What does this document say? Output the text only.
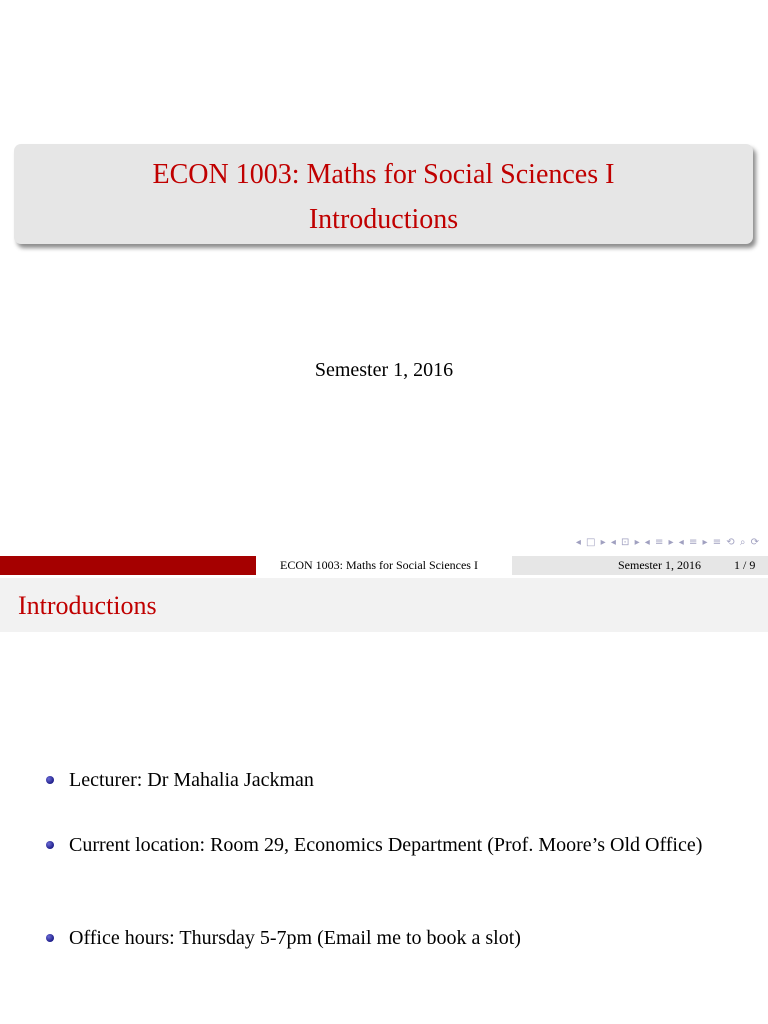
ECON 1003: Maths for Social Sciences I
Introductions
Semester 1, 2016
◂ □ ▸ ◂ ⊡ ▸ ◂ ≡ ▸ ◂ ≡ ▸ ≡ ⟲ ⌕ ⟳
ECON 1003: Maths for Social Sciences I	Semester 1, 2016	1 / 9
Introductions
Lecturer: Dr Mahalia Jackman
Current location: Room 29, Economics Department (Prof. Moore’s Old Office)
Office hours: Thursday 5-7pm (Email me to book a slot)
